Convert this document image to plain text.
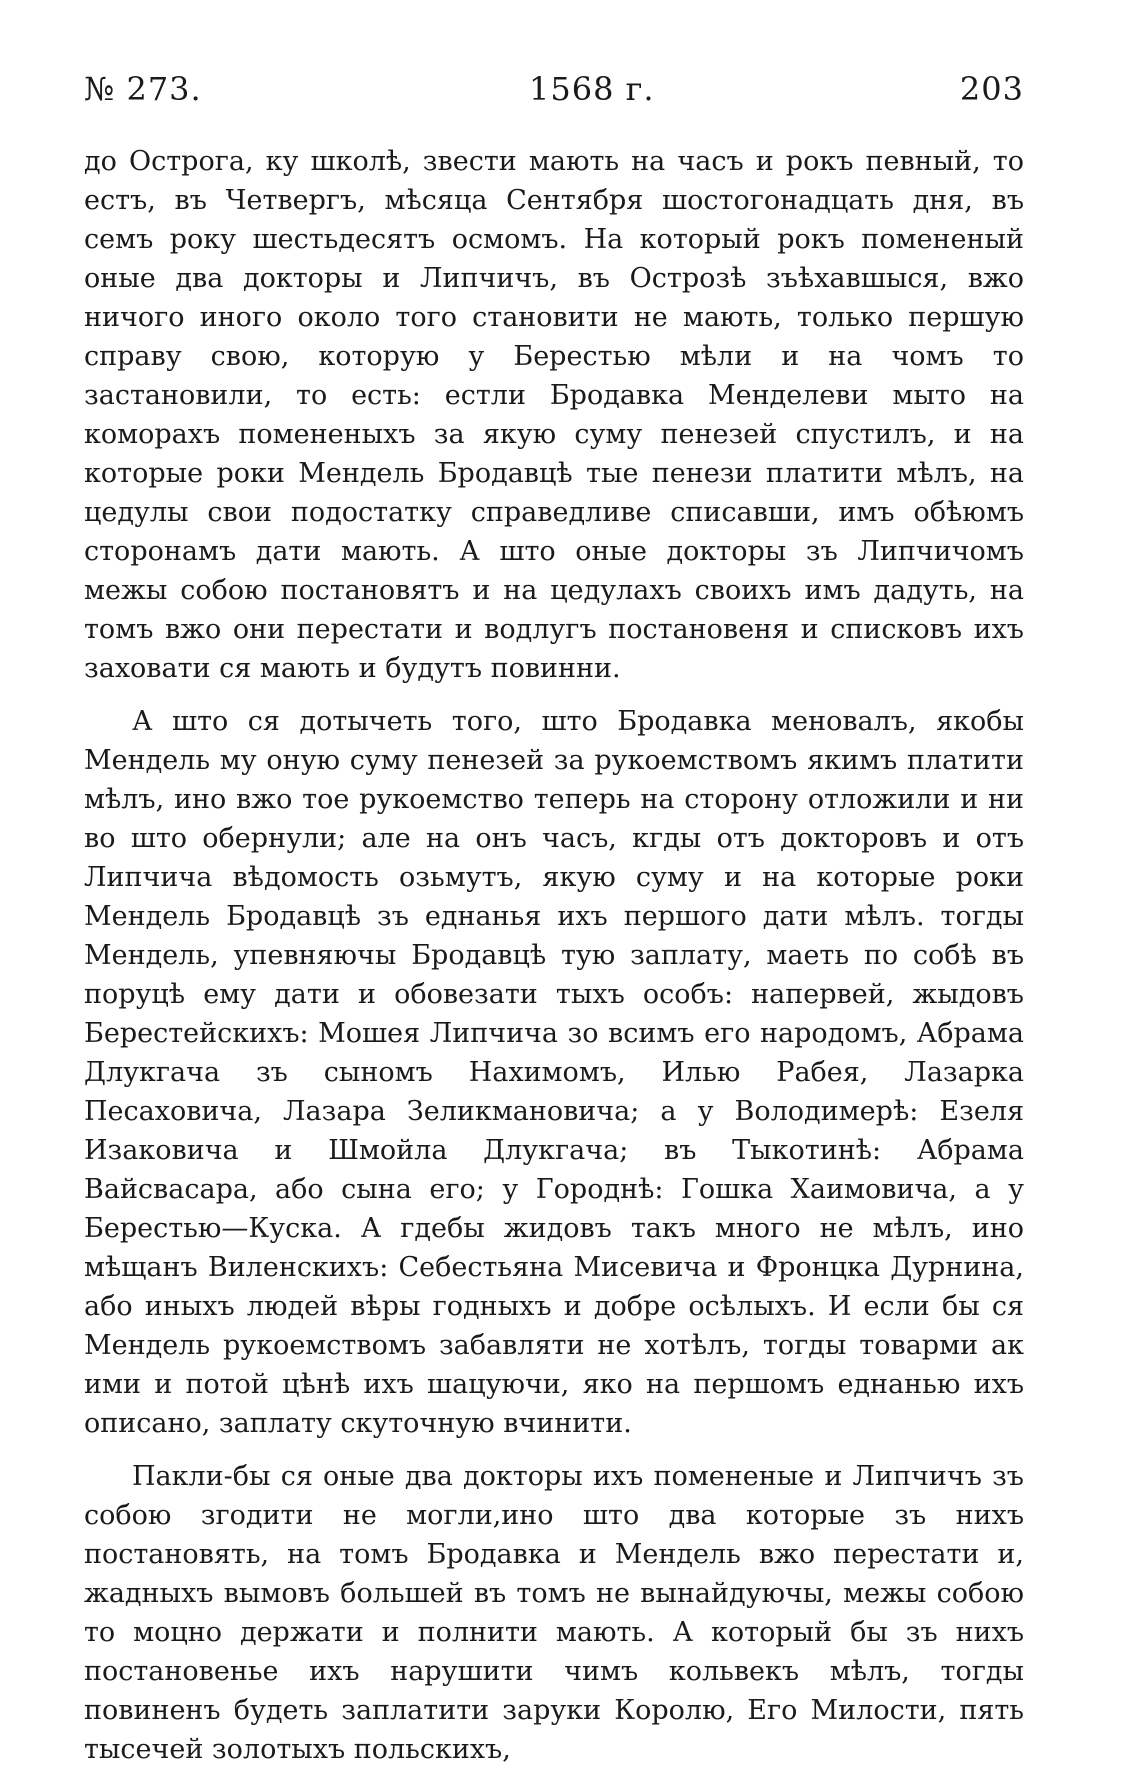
№ 273.	1568 г.	203

до Острога, ку школѣ, звести мають на часъ и рокъ певный, то естъ, въ Четвергъ, мѣсяца Сентября шостогонадцать дня, въ семъ року шестьдесятъ осмомъ. На который рокъ помененый оные два докторы и Липчичъ, въ Острозѣ зъѣхавшыся, вжо ничого иного около того становити не мають, только першую справу свою, которую у Берестью мѣли и на чомъ то застановили, то есть: естли Бродавка Менделеви мыто на коморахъ помененыхъ за якую суму пенезей спустилъ, и на которые роки Мендель Бродавцѣ тые пенези платити мѣлъ, на цедулы свои подостатку справедливе списавши, имъ обѣюмъ сторонамъ дати мають. А што оные докторы зъ Липчичомъ межы собою постановятъ и на цедулахъ своихъ имъ дадуть, на томъ вжо они перестати и водлугъ постановеня и списковъ ихъ заховати ся мають и будутъ повинни.

А што ся дотычеть того, што Бродавка меновалъ, якобы Мендель му оную суму пенезей за рукоемствомъ якимъ платити мѣлъ, ино вжо тое рукоемство теперь на сторону отложили и ни во што обернули; але на онъ часъ, кгды отъ докторовъ и отъ Липчича вѣдомость озьмутъ, якую суму и на которые роки Мендель Бродавцѣ зъ еднанья ихъ першого дати мѣлъ. тогды Мендель, упевняючы Бродавцѣ тую заплату, маеть по собѣ въ поруцѣ ему дати и обовезати тыхъ особъ: напервей, жыдовъ Берестейскихъ: Мошея Липчича зо всимъ его народомъ, Абрама Длукгача зъ сыномъ Нахимомъ, Илью Рабея, Лазарка Песаховича, Лазара Зеликмановича; а у Володимерѣ: Езеля Изаковича и Шмойла Длукгача; въ Тыкотинѣ: Абрама Вайсвасара, або сына его; у Городнѣ: Гошка Хаимовича, а у Берестью—Куска. А гдебы жидовъ такъ много не мѣлъ, ино мѣщанъ Виленскихъ: Себестьяна Мисевича и Фронцка Дурнина, або иныхъ людей вѣры годныхъ и добре осѣлыхъ. И если бы ся Мендель рукоемствомъ забавляти не хотѣлъ, тогды товарми ак ими и потой цѣнѣ ихъ шацуючи, яко на першомъ еднанью ихъ описано, заплату скуточную вчинити.

Пакли-бы ся оные два докторы ихъ помененые и Липчичъ зъ собою згодити не могли,ино што два которые зъ нихъ постановять, на томъ Бродавка и Мендель вжо перестати и, жадныхъ вымовъ большей въ томъ не вынайдуючы, межы собою то моцно держати и полнити мають. А который бы зъ нихъ постановенье ихъ нарушити чимъ кольвекъ мѣлъ, тогды повиненъ будеть заплатити заруки Королю, Его Милости, пять тысечей золотыхъ польскихъ,
